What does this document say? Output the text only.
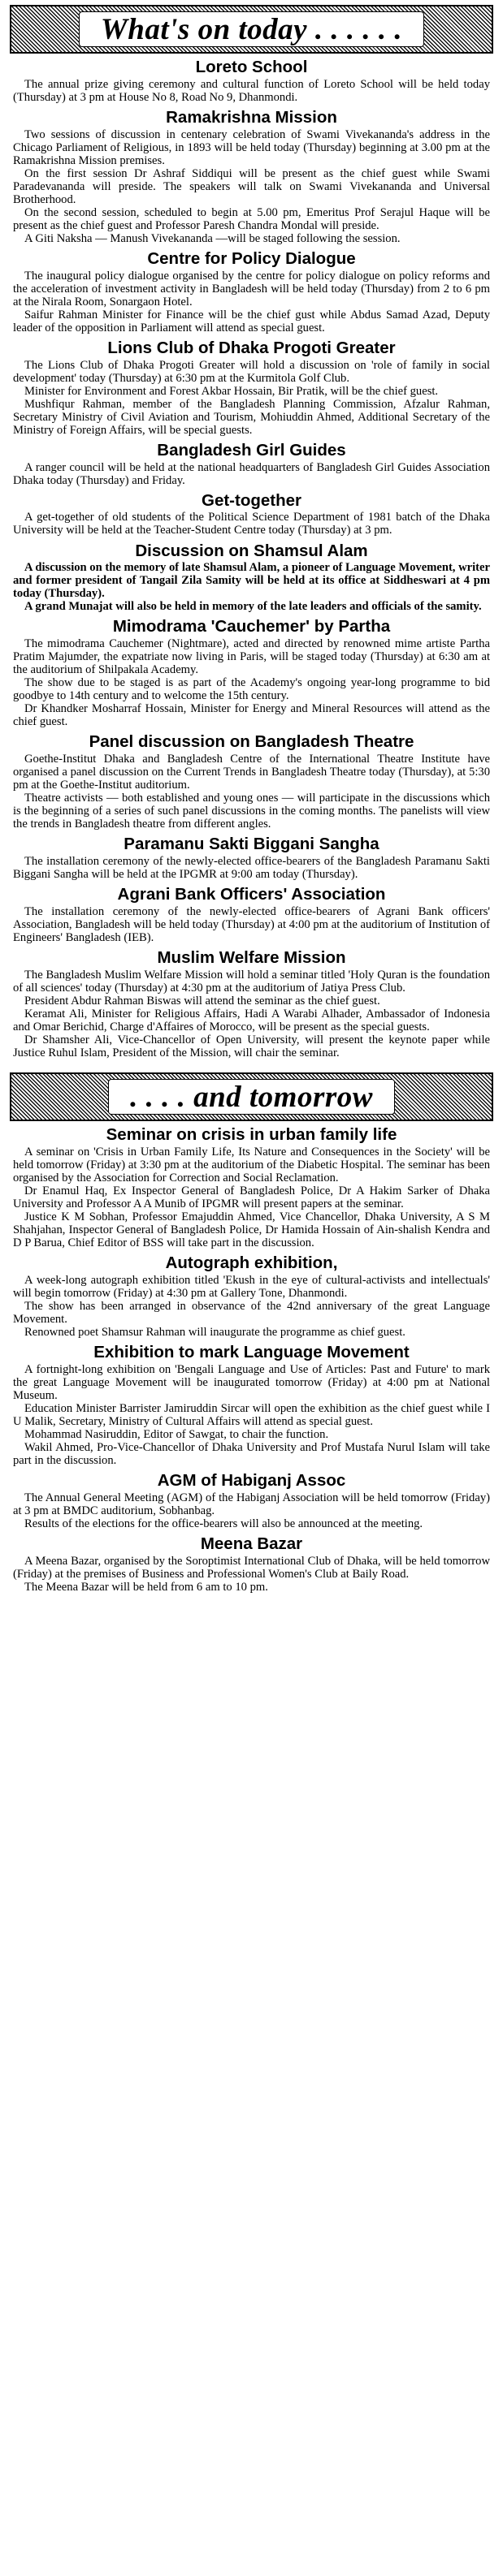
What's on today . . . . . .
Loreto School

The annual prize giving ceremony and cultural function of Loreto School will be held today (Thursday) at 3 pm at House No 8, Road No 9, Dhanmondi.

Ramakrishna Mission

Two sessions of discussion in centenary celebration of Swami Vivekananda's address in the Chicago Parliament of Religious, in 1893 will be held today (Thursday) beginning at 3.00 pm at the Ramakrishna Mission premises.

On the first session Dr Ashraf Siddiqui will be present as the chief guest while Swami Paradevananda will preside. The speakers will talk on Swami Vivekananda and Universal Brotherhood.

On the second session, scheduled to begin at 5.00 pm, Emeritus Prof Serajul Haque will be present as the chief guest and Professor Paresh Chandra Mondal will preside.

A Giti Naksha — Manush Vivekananda —will be staged following the session.

Centre for Policy Dialogue

The inaugural policy dialogue organised by the centre for policy dialogue on policy reforms and the acceleration of investment activity in Bangladesh will be held today (Thursday) from 2 to 6 pm at the Nirala Room, Sonargaon Hotel.

Saifur Rahman Minister for Finance will be the chief gust while Abdus Samad Azad, Deputy leader of the opposition in Parliament will attend as special guest.

Lions Club of Dhaka Progoti Greater

The Lions Club of Dhaka Progoti Greater will hold a discussion on 'role of family in social development' today (Thursday) at 6:30 pm at the Kurmitola Golf Club.

Minister for Environment and Forest Akbar Hossain, Bir Pratik, will be the chief guest.

Mushfiqur Rahman, member of the Bangladesh Planning Commission, Afzalur Rahman, Secretary Ministry of Civil Aviation and Tourism, Mohiuddin Ahmed, Additional Secretary of the Ministry of Foreign Affairs, will be special guests.

Bangladesh Girl Guides

A ranger council will be held at the national headquarters of Bangladesh Girl Guides Association Dhaka today (Thursday) and Friday.

Get-together

A get-together of old students of the Political Science Department of 1981 batch of the Dhaka University will be held at the Teacher-Student Centre today (Thursday) at 3 pm.

Discussion on Shamsul Alam

A discussion on the memory of late Shamsul Alam, a pioneer of Language Movement, writer and former president of Tangail Zila Samity will be held at its office at Siddheswari at 4 pm today (Thursday).

A grand Munajat will also be held in memory of the late leaders and officials of the samity.

Mimodrama 'Cauchemer' by Partha

The mimodrama Cauchemer (Nightmare), acted and directed by renowned mime artiste Partha Pratim Majumder, the expatriate now living in Paris, will be staged today (Thursday) at 6:30 am at the auditorium of Shilpakala Academy.

The show due to be staged is as part of the Academy's ongoing year-long programme to bid goodbye to 14th century and to welcome the 15th century.

Dr Khandker Mosharraf Hossain, Minister for Energy and Mineral Resources will attend as the chief guest.

Panel discussion on Bangladesh Theatre

Goethe-Institut Dhaka and Bangladesh Centre of the International Theatre Institute have organised a panel discussion on the Current Trends in Bangladesh Theatre today (Thursday), at 5:30 pm at the Goethe-Institut auditorium.

Theatre activists — both established and young ones — will participate in the discussions which is the beginning of a series of such panel discussions in the coming months. The panelists will view the trends in Bangladesh theatre from different angles.

Paramanu Sakti Biggani Sangha

The installation ceremony of the newly-elected office-bearers of the Bangladesh Paramanu Sakti Biggani Sangha will be held at the IPGMR at 9:00 am today (Thursday).

Agrani Bank Officers' Association

The installation ceremony of the newly-elected office-bearers of Agrani Bank officers' Association, Bangladesh will be held today (Thursday) at 4:00 pm at the auditorium of Institution of Engineers' Bangladesh (IEB).

Muslim Welfare Mission

The Bangladesh Muslim Welfare Mission will hold a seminar titled 'Holy Quran is the foundation of all sciences' today (Thursday) at 4:30 pm at the auditorium of Jatiya Press Club.

President Abdur Rahman Biswas will attend the seminar as the chief guest.

Keramat Ali, Minister for Religious Affairs, Hadi A Warabi Alhader, Ambassador of Indonesia and Omar Berichid, Charge d'Affaires of Morocco, will be present as the special guests.

Dr Shamsher Ali, Vice-Chancellor of Open University, will present the keynote paper while Justice Ruhul Islam, President of the Mission, will chair the seminar.

. . . . and tomorrow
Seminar on crisis in urban family life

A seminar on 'Crisis in Urban Family Life, Its Nature and Consequences in the Society' will be held tomorrow (Friday) at 3:30 pm at the auditorium of the Diabetic Hospital. The seminar has been organised by the Association for Correction and Social Reclamation.

Dr Enamul Haq, Ex Inspector General of Bangladesh Police, Dr A Hakim Sarker of Dhaka University and Professor A A Munib of IPGMR will present papers at the seminar.

Justice K M Sobhan, Professor Emajuddin Ahmed, Vice Chancellor, Dhaka University, A S M Shahjahan, Inspector General of Bangladesh Police, Dr Hamida Hossain of Ain-shalish Kendra and D P Barua, Chief Editor of BSS will take part in the discussion.

Autograph exhibition,

A week-long autograph exhibition titled 'Ekush in the eye of cultural-activists and intellectuals' will begin tomorrow (Friday) at 4:30 pm at Gallery Tone, Dhanmondi.

The show has been arranged in observance of the 42nd anniversary of the great Language Movement.

Renowned poet Shamsur Rahman will inaugurate the programme as chief guest.

Exhibition to mark Language Movement

A fortnight-long exhibition on 'Bengali Language and Use of Articles: Past and Future' to mark the great Language Movement will be inaugurated tomorrow (Friday) at 4:00 pm at National Museum.

Education Minister Barrister Jamiruddin Sircar will open the exhibition as the chief guest while I U Malik, Secretary, Ministry of Cultural Affairs will attend as special guest.

Mohammad Nasiruddin, Editor of Sawgat, to chair the function.

Wakil Ahmed, Pro-Vice-Chancellor of Dhaka University and Prof Mustafa Nurul Islam will take part in the discussion.

AGM of Habiganj Assoc

The Annual General Meeting (AGM) of the Habiganj Association will be held tomorrow (Friday) at 3 pm at BMDC auditorium, Sobhanbag.

Results of the elections for the office-bearers will also be announced at the meeting.

Meena Bazar

A Meena Bazar, organised by the Soroptimist International Club of Dhaka, will be held tomorrow (Friday) at the premises of Business and Professional Women's Club at Baily Road.

The Meena Bazar will be held from 6 am to 10 pm.
